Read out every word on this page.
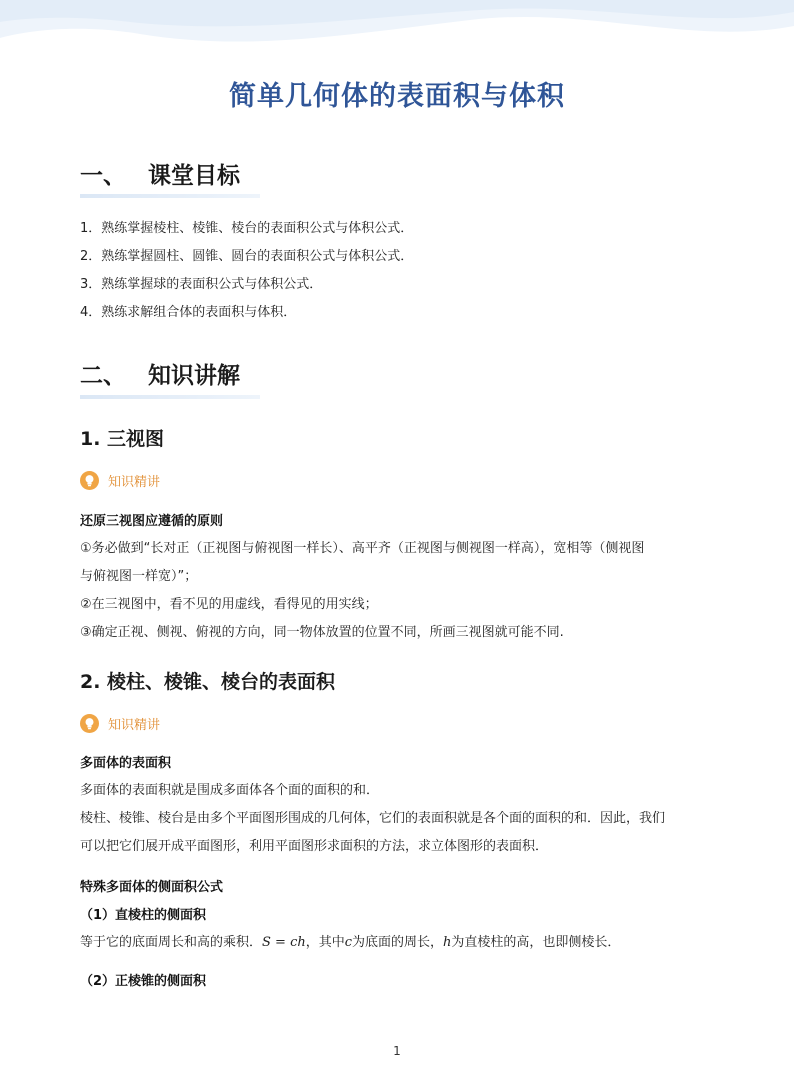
简单几何体的表面积与体积
一、 课堂目标
1．熟练掌握棱柱、棱锥、棱台的表面积公式与体积公式．
2．熟练掌握圆柱、圆锥、圆台的表面积公式与体积公式．
3．熟练掌握球的表面积公式与体积公式．
4．熟练求解组合体的表面积与体积．
二、 知识讲解
1. 三视图
知识精讲
还原三视图应遵循的原则
①务必做到“长对正（正视图与俯视图一样长）、高平齐（正视图与侧视图一样高），宽相等（侧视图
与俯视图一样宽）”；
②在三视图中，看不见的用虚线，看得见的用实线；
③确定正视、侧视、俯视的方向，同一物体放置的位置不同，所画三视图就可能不同.
2. 棱柱、棱锥、棱台的表面积
知识精讲
多面体的表面积
多面体的表面积就是围成多面体各个面的面积的和．
棱柱、棱锥、棱台是由多个平面图形围成的几何体，它们的表面积就是各个面的面积的和．因此，我们
可以把它们展开成平面图形，利用平面图形求面积的方法，求立体图形的表面积．
特殊多面体的侧面积公式
（1）直棱柱的侧面积
等于它的底面周长和高的乘积．S = ch，其中c为底面的周长，h为直棱柱的高，也即侧棱长．
（2）正棱锥的侧面积
1
